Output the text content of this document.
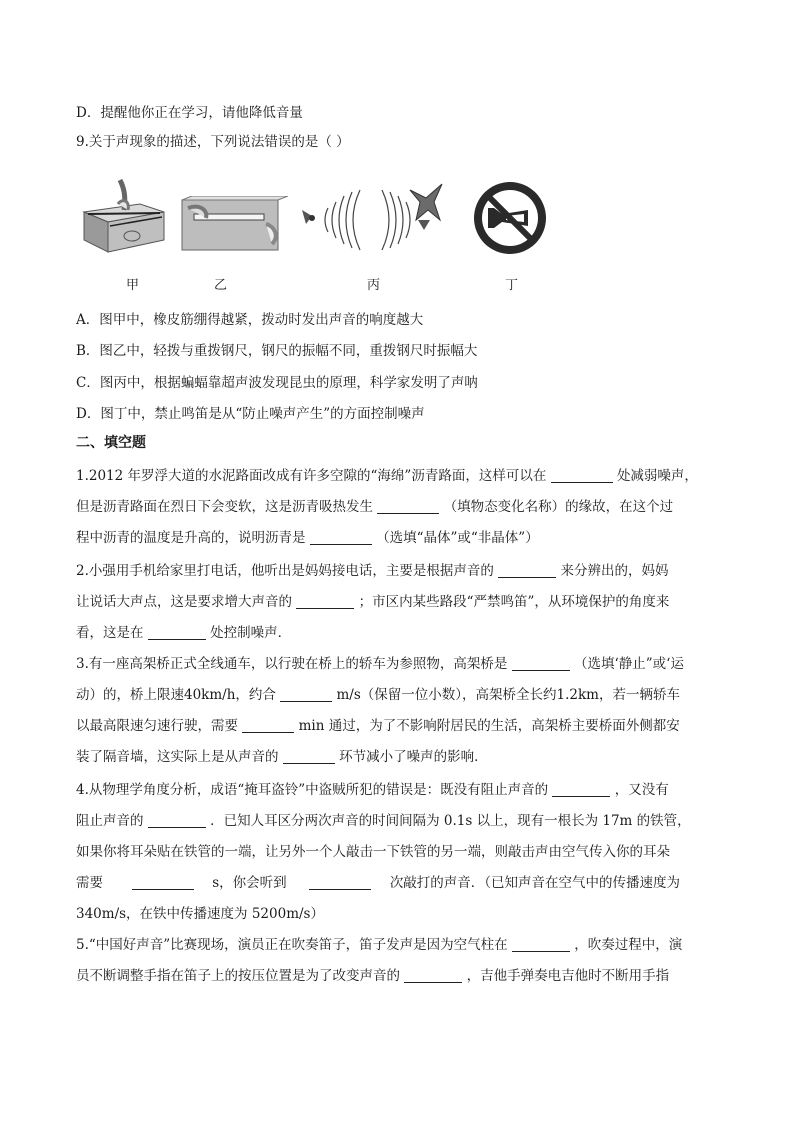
D．提醒他你正在学习，请他降低音量
9.关于声现象的描述，下列说法错误的是（ ）
甲	乙	丙	丁
A．图甲中，橡皮筋绷得越紧，拨动时发出声音的响度越大
B．图乙中，轻拨与重拨钢尺，钢尺的振幅不同，重拨钢尺时振幅大
C．图丙中，根据蝙蝠靠超声波发现昆虫的原理，科学家发明了声呐
D．图丁中，禁止鸣笛是从“防止噪声产生”的方面控制噪声
二、填空题
1.2012 年罗浮大道的水泥路面改成有许多空隙的“海绵”沥青路面，这样可以在	处减弱噪声，
但是沥青路面在烈日下会变软，这是沥青吸热发生	（填物态变化名称）的缘故，在这个过
程中沥青的温度是升高的，说明沥青是	（选填“晶体”或“非晶体”）
2.小强用手机给家里打电话，他听出是妈妈接电话，主要是根据声音的	来分辨出的，妈妈
让说话大声点，这是要求增大声音的	；市区内某些路段“严禁鸣笛”，从环境保护的角度来
看，这是在	处控制噪声．
3.有一座高架桥正式全线通车，以行驶在桥上的轿车为参照物，高架桥是	（选填‘静止”或‘运
动）的，桥上限速40km/h，约合	m/s（保留一位小数），高架桥全长约1.2km，若一辆轿车
以最高限速匀速行驶，需要	min 通过，为了不影响附居民的生活，高架桥主要桥面外侧都安
装了隔音墙，这实际上是从声音的	环节减小了噪声的影响．
4.从物理学角度分析，成语“掩耳盗铃”中盗贼所犯的错误是：既没有阻止声音的	，又没有
阻止声音的	．已知人耳区分两次声音的时间间隔为 0.1s 以上，现有一根长为 17m 的铁管，
如果你将耳朵贴在铁管的一端，让另外一个人敲击一下铁管的另一端，则敲击声由空气传入你的耳朵
需要	s，你会听到	次敲打的声音．（已知声音在空气中的传播速度为
340m/s，在铁中传播速度为 5200m/s）
5.“中国好声音”比赛现场，演员正在吹奏笛子，笛子发声是因为空气柱在	，吹奏过程中，演
员不断调整手指在笛子上的按压位置是为了改变声音的	，吉他手弹奏电吉他时不断用手指
